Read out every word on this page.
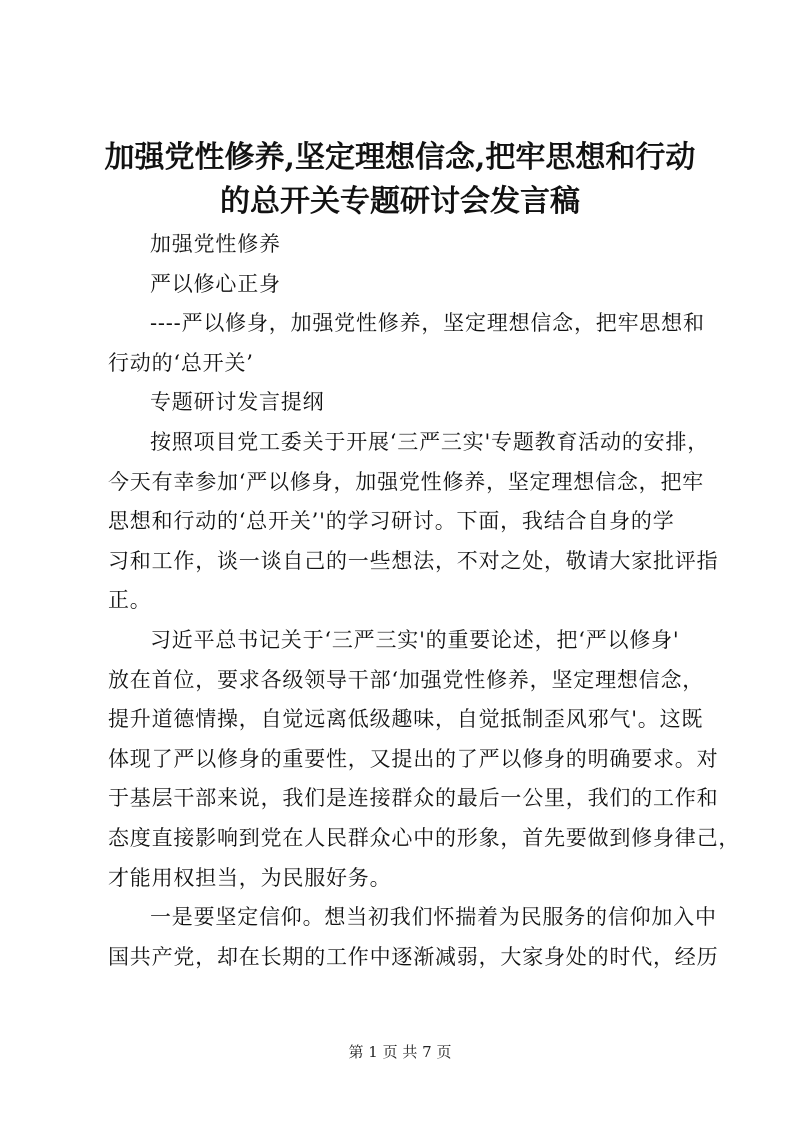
加强党性修养,坚定理想信念,把牢思想和行动
的总开关专题研讨会发言稿
加强党性修养
严以修心正身
----严以修身，加强党性修养，坚定理想信念，把牢思想和
行动的‘总开关’
专题研讨发言提纲
按照项目党工委关于开展‘三严三实'专题教育活动的安排，
今天有幸参加‘严以修身，加强党性修养，坚定理想信念，把牢
思想和行动的‘总开关’'的学习研讨。下面，我结合自身的学
习和工作，谈一谈自己的一些想法，不对之处，敬请大家批评指
正。
习近平总书记关于‘三严三实'的重要论述，把‘严以修身'
放在首位，要求各级领导干部‘加强党性修养，坚定理想信念，
提升道德情操，自觉远离低级趣味，自觉抵制歪风邪气'。这既
体现了严以修身的重要性，又提出的了严以修身的明确要求。对
于基层干部来说，我们是连接群众的最后一公里，我们的工作和
态度直接影响到党在人民群众心中的形象，首先要做到修身律己，
才能用权担当，为民服好务。
一是要坚定信仰。想当初我们怀揣着为民服务的信仰加入中
国共产党，却在长期的工作中逐渐减弱，大家身处的时代，经历
第 1 页 共 7 页
